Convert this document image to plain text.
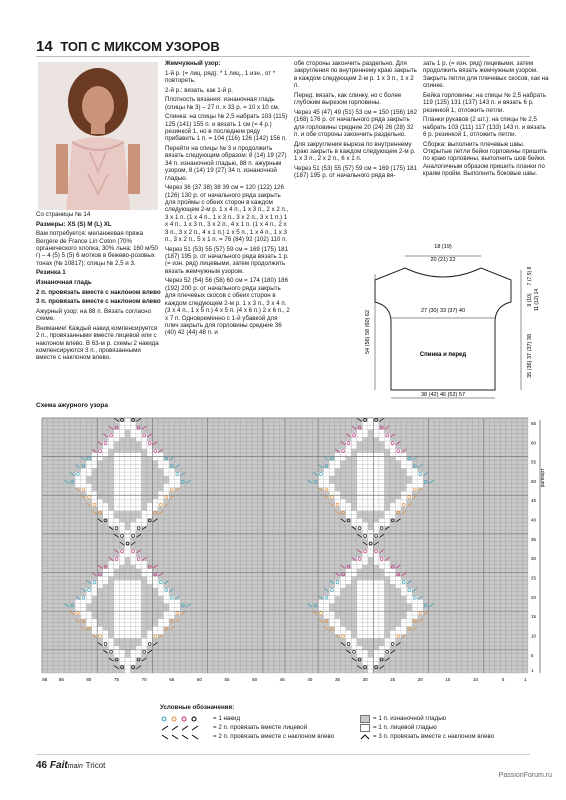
14 ТОП С МИКСОМ УЗОРОВ

Со страницы № 14

Размеры: XS (S) M (L) XL

Вам потребуется: меланжевая пряжа Bergère de France Lin Coton (70% органического хлопка, 30% льна; 160 м/50 г) – 4 (5) 5 (5) 6 мотков в бежево-розовых тонах (№ 10817); спицы № 2,5 и 3.

Резинка 1

Изнаночная гладь

2 п. провязать вместе с наклоном влево

3 п. провязать вместе с наклоном влево

Ажурный узор: на 88 п. Вязать согласно схеме.

Внимание! Каждый накид компенсируется 2 п., провязанными вместе лицевой или с наклоном влево. В 63-м р. схемы 2 накида компенсируются 3 п., провязанными вместе с наклоном влево.

Жемчужный узор:

1-й р. (= лиц. ряд): * 1 лиц., 1 изн., от * повторять.

2-й р.: вязать, как 1-й р.

Плотность вязания: изнаночная гладь (спицы № 3) – 27 п. x 33 р. = 10 x 10 см.

Спинка: на спицы № 2,5 набрать 103 (115) 125 (141) 155 п. и вязать 1 см (= 4 р.) резинкой 1, но в последнем ряду прибавить 1 п. = 104 (116) 126 (142) 156 п.

Перейти на спицы № 3 и продолжить вязать следующим образом: 8 (14) 19 (27) 34 п. изнаночной гладью, 88 п. ажурным узором, 8 (14) 19 (27) 34 п. изнаночной гладью.

Через 36 (37 38) 38 39 см = 120 (122) 126 (126) 130 р. от начального ряда закрыть для проймы с обеих сторон в каждом следующем 2-м р. 1 x 4 п., 1 x 3 п., 2 x 2 п., 3 x 1 п. (1 x 4 п., 1 x 3 п., 3 x 2 п., 3 x 1 п.) 1 x 4 п., 1 x 3 п., 3 x 2 п., 4 x 1 п. (1 x 4 п., 2 x 3 п., 3 x 2 п., 4 x 1 п.) 1 x 5 п., 1 x 4 п., 1 x 3 п., 3 x 2 п., 5 x 1 п. = 76 (84) 92 (102) 110 п.

Через 51 (53) 55 (57) 59 см = 169 (175) 181 (187) 195 р. от начального ряда вязать 1 р. (= изн. ряд) лицевыми, затем продолжить вязать жемчужным узором.

Через 52 (54) 56 (58) 60 см = 174 (180) 186 (192) 200 р. от начального ряда закрыть для плечевых скосов с обеих сторон в каждом следующем 2-м р. 1 x 3 п., 3 x 4 п. (3 x 4 п., 1 x 5 п.) 4 x 5 п. (4 x 6 п.) 2 x 6 п., 2 x 7 п. Одновременно с 1-й убавкой для плеч закрыть для горловины средние 36 (40) 42 (44) 48 п. и

обе стороны закончить раздельно. Для закругления по внутреннему краю закрыть в каждом следующем 2-м р. 1 x 3 п., 1 x 2 п.

Перед: вязать, как спинку, но с более глубоким вырезом горловины.

Через 45 (47) 49 (51) 53 см = 150 (156) 162 (168) 176 р. от начального ряда закрыть для горловины средние 20 (24) 26 (28) 32 п. и обе стороны закончить раздельно.

Для закругления выреза по внутреннему краю закрыть в каждом следующем 2-м р. 1 x 3 п., 2 x 2 п., 6 x 1 п.

Через 51 (53) 55 (57) 59 см = 169 (175) 181 (187) 195 р. от начального ряда вя-

зать 1 р. (= изн. ряд) лицевыми, затем продолжить вязать жемчужным узором. Закрыть петли для плечевых скосов, как на спинке.

Бейка горловины: на спицы № 2,5 набрать 119 (125) 131 (137) 143 п. и вязать 6 р. резинкой 1, отложить петли.

Планки рукавов (2 шт.): на спицы № 2,5 набрать 103 (111) 117 (133) 143 п. и вязать 6 р. резинкой 1, отложить петли.

Сборка: выполнить плечевые швы. Открытые петли бейки горловины пришить по краю горловины, выполнить шов бейки. Аналогичным образом пришить планки по краям пройм. Выполнить боковые швы.

Спинка и перед
18 (19)
20 (21) 22
27 (30) 33 (37) 40
38 (42) 46 (52) 57
54 (56) 58 (60) 62
7 (7,5) 8
9 (10) 11 (12) 14
35 (36) 37 (37) 38
Схема ажурного узора
65
60
55
50
45
40
35
30
25
20
15
10
5
1
88	85	80	75	70	65	60	55	50	45	40	35	30	25	20	15	10	5	1
раппорт
Условные обозначения:
= 1 накид
= 2 п. провязать вместе лицевой
= 2 п. провязать вместе с наклоном влево
= 1 п. изнаночной гладью
= 1 п. лицевой гладью
= 3 п. провязать вместе с наклоном влево
46 Faitmain Tricot
PassionForum.ru
